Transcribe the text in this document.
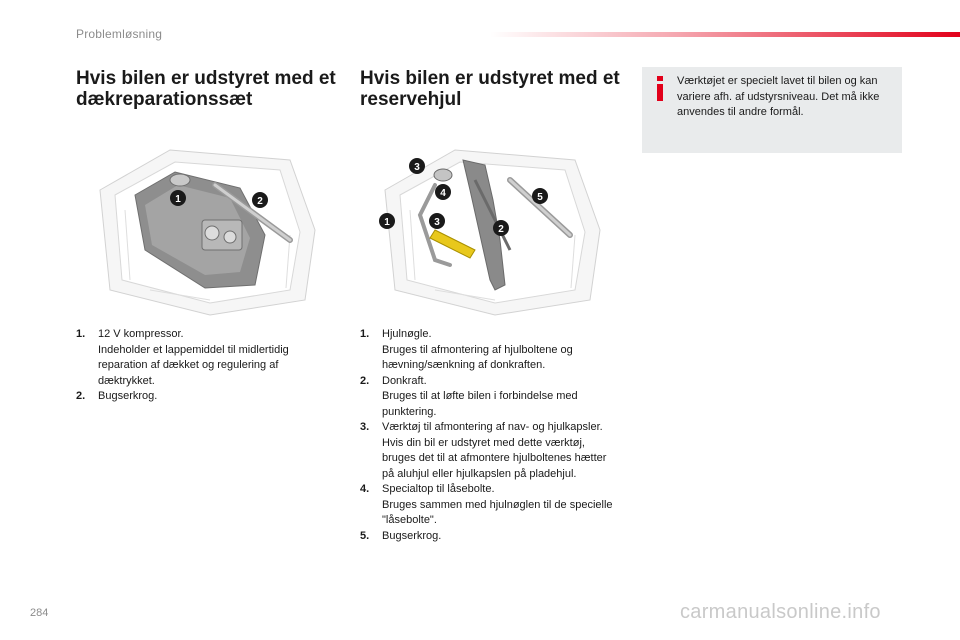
Problemløsning
Hvis bilen er udstyret med et dækreparationssæt
Hvis bilen er udstyret med et reservehjul
Værktøjet er specielt lavet til bilen og kan variere afh. af udstyrsniveau. Det må ikke anvendes til andre formål.
1	2
3
4	5
1	3
2
1. 12 V kompressor.
Indeholder et lappemiddel til midlertidig reparation af dækket og regulering af dæktrykket.
2. Bugserkrog.
1. Hjulnøgle.
Bruges til afmontering af hjulboltene og hævning/sænkning af donkraften.
2. Donkraft.
Bruges til at løfte bilen i forbindelse med punktering.
3. Værktøj til afmontering af nav- og hjulkapsler.
Hvis din bil er udstyret med dette værktøj, bruges det til at afmontere hjulboltenes hætter på aluhjul eller hjulkapslen på pladehjul.
4. Specialtop til låsebolte.
Bruges sammen med hjulnøglen til de specielle "låsebolte".
5. Bugserkrog.
284	carmanualsonline.info
